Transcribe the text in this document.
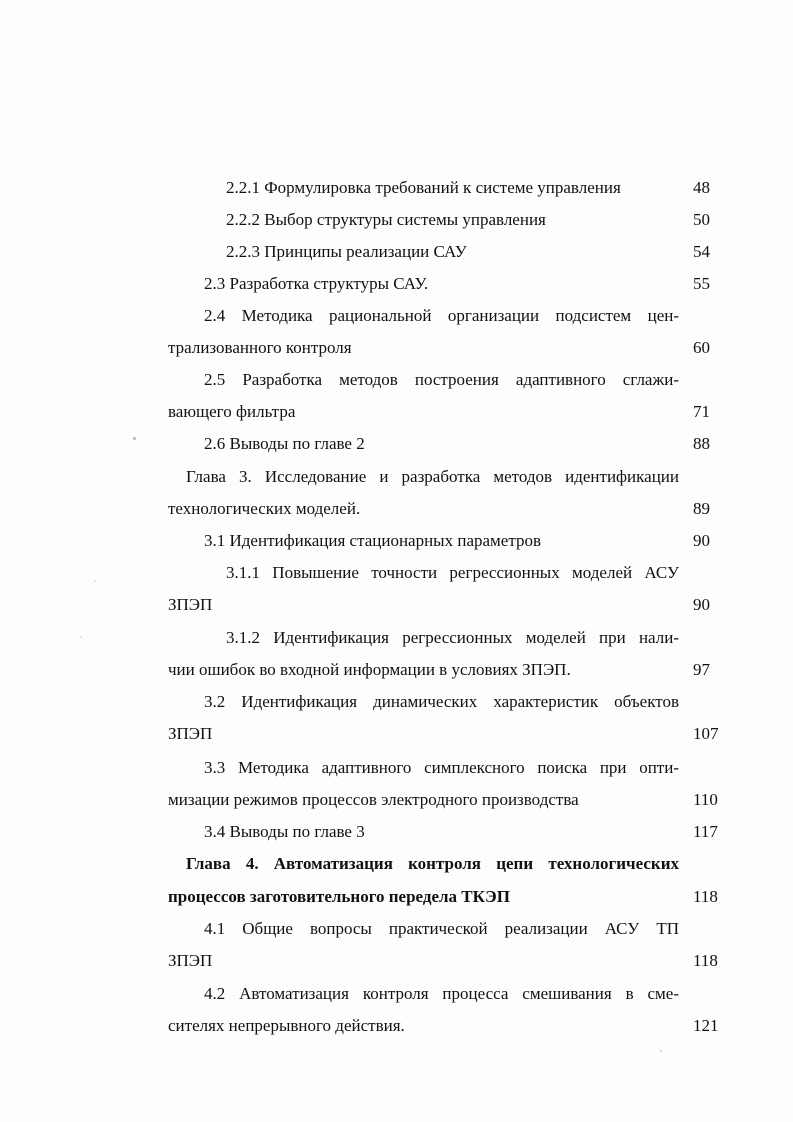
2.2.1 Формулировка требований к системе управления	48
2.2.2 Выбор структуры системы управления	50
2.2.3 Принципы реализации САУ	54
2.3 Разработка структуры САУ.	55
2.4 Методика рациональной организации подсистем цен-
трализованного контроля	60
2.5 Разработка методов построения адаптивного сглажи-
вающего фильтра	71
2.6 Выводы по главе 2	88
Глава 3. Исследование и разработка методов идентификации
технологических моделей.	89
3.1 Идентификация стационарных параметров	90
3.1.1 Повышение точности регрессионных моделей АСУ
ЗПЭП	90
3.1.2 Идентификация регрессионных моделей при нали-
чии ошибок во входной информации в условиях ЗПЭП.	97
3.2 Идентификация динамических характеристик объектов
ЗПЭП	107
3.3 Методика адаптивного симплексного поиска при опти-
мизации режимов процессов электродного производства	110
3.4 Выводы по главе 3	117
Глава 4. Автоматизация контроля цепи технологических
процессов заготовительного передела ТКЭП	118
4.1 Общие вопросы практической реализации АСУ ТП
ЗПЭП	118
4.2 Автоматизация контроля процесса смешивания в сме-
сителях непрерывного действия.	121
